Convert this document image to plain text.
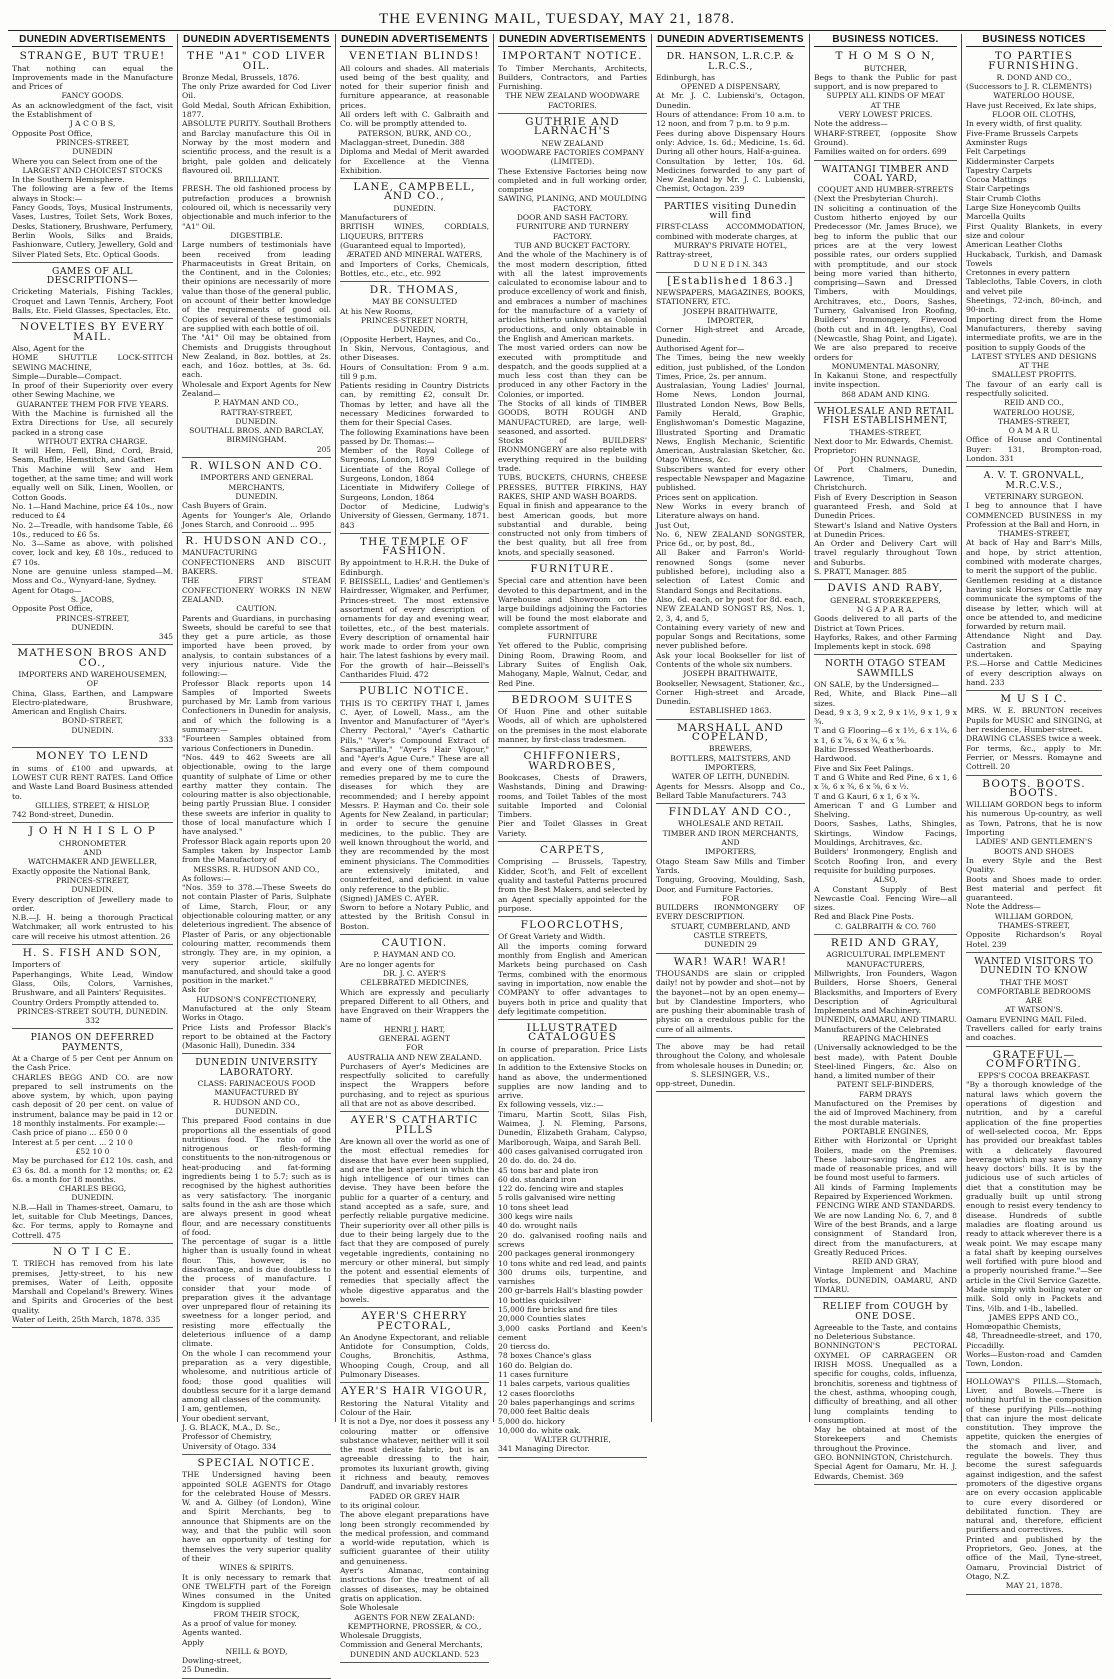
THE EVENING MAIL, TUESDAY, MAY 21, 1878.
DUNEDIN ADVERTISEMENTS
STRANGE, BUT TRUE!
That nothing can equal the Improvements made in the Manufacture and Prices of
FANCY GOODS.
As an acknowledgment of the fact, visit the Establishment of
J A C O B S,
Opposite Post Office,
PRINCES-STREET,
DUNEDIN
Where you can Select from one of the
LARGEST AND CHOICEST STOCKS
In the Southern Hemisphere.
The following are a few of the Items always in Stock:—
Fancy Goods, Toys, Musical Instruments, Vases, Lustres, Toilet Sets, Work Boxes, Desks, Stationery, Brushware, Perfumery, Berlin Wools, Silks and Braids, Fashionware, Cutlery, Jewellery, Gold and Silver Plated Sets, Etc. Optical Goods.
GAMES OF ALL DESCRIPTIONS—
Cricketing Materials, Fishing Tackles, Croquet and Lawn Tennis, Archery, Foot Balls, Etc. Field Glasses, Spectacles, Etc.
NOVELTIES BY EVERY MAIL.
Also, Agent for the
HOME SHUTTLE LOCK-STITCH SEWING MACHINE,
Simple—Durable—Compact.
In proof of their Superiority over every other Sewing Machine, we
GUARANTEE THEM FOR FIVE YEARS.
With the Machine is furnished all the Extra Directions for Use, all securely packed in a strong case
WITHOUT EXTRA CHARGE.
It will Hem, Fell, Bind, Cord, Braid, Seam, Ruffle, Hemstitch, and Gather.
This Machine will Sew and Hem together, at the same time; and will work equally well on Silk, Linen, Woollen, or Cotton Goods.
No. 1—Hand Machine, price £4 10s., now reduced to £4
No. 2—Treadle, with handsome Table, £6 10s., reduced to £6 5s.
No. 3—Same as above, with polished cover, lock and key, £8 10s., reduced to £7 10s.
None are genuine unless stamped—M. Moss and Co., Wynyard-lane, Sydney.
Agent for Otago—
S. JACOBS,
Opposite Post Office,
PRINCES-STREET,
DUNEDIN.
345
MATHESON BROS AND CO.,
IMPORTERS AND WAREHOUSEMEN,
OF
China, Glass, Earthen, and Lampware Electro-platedware, Brushware, American and English Chairs.
BOND-STREET,
DUNEDIN.
333
MONEY TO LEND
in sums of £100 and upwards, at LOWEST CUR RENT RATES. Land Office and Waste Land Board Business attended to.
GILLIES, STREET, & HISLOP,
742 Bond-street, Dunedin.
J O H N H I S L O P
CHRONOMETER
AND
WATCHMAKER AND JEWELLER,
Exactly opposite the National Bank,
PRINCES-STREET,
DUNEDIN.
Every description of Jewellery made to order.
N.B.—J. H. being a thorough Practical Watchmaker, all work entrusted to his care will receive his utmost attention. 26
H. S. FISH AND SON,
Importers of
Paperhangings, White Lead, Window Glass, Oils, Colors, Varnishes, Brushware, and all Painters' Requisites.
Country Orders Promptly attended to.
PRINCES-STREET SOUTH, DUNEDIN. 332
PIANOS ON DEFERRED PAYMENTS,
At a Charge of 5 per Cent per Annum on the Cash Price.
CHARLES BEGG AND CO. are now prepared to sell instruments on the above system, by which, upon paying cash deposit of 20 per cent. on value of instrument, balance may be paid in 12 or 18 monthly instalments. For example:—
Cash price of piano ... £50 0 0
Interest at 5 per cent. ... 2 10 0
£52 10 0
May be purchased for £12 10s. cash, and £3 6s. 8d. a month for 12 months; or, £2 6s. a month for 18 months.
CHARLES BEGG,
DUNEDIN.
N.B.—Hall in Thames-street, Oamaru, to let, suitable for Club Meetings, Dances, &c. For terms, apply to Romayne and Cottrell. 475
N O T I C E.
T. TRIECH has removed from his late premises, Jetty-street, to his new premises, Water of Leith, opposite Marshall and Copeland's Brewery. Wines and Spirits and Groceries of the best quality.
Water of Leith, 25th March, 1878. 335
DUNEDIN ADVERTISEMENTS
THE "A1" COD LIVER OIL.
Bronze Medal, Brussels, 1876.
The only Prize awarded for Cod Liver Oil.
Gold Medal, South African Exhibition, 1877.
ABSOLUTE PURITY. Southall Brothers and Barclay manufacture this Oil in Norway by the most modern and scientific process, and the result is a bright, pale golden and delicately flavoured oil.
BRILLIANT.
FRESH. The old fashioned process by putrefaction produces a brownish coloured oil, which is necessarily very objectionable and much inferior to the "A1" Oil.
DIGESTIBLE.
Large numbers of testimonials have been received from leading Pharmaceutists in Great Britain, on the Continent, and in the Colonies; their opinions are necessarily of more value than those of the general public, on account of their better knowledge of the requirements of good oil. Copies of several of these testimonials are supplied with each bottle of oil.
The "A1" Oil may be obtained from Chemists and Druggists throughout New Zealand, in 8oz. bottles, at 2s. each, and 16oz. bottles, at 3s. 6d. each.
Wholesale and Export Agents for New Zealand—
P. HAYMAN AND CO.,
RATTRAY-STREET,
DUNEDIN.
SOUTHALL BROS. AND BARCLAY, BIRMINGHAM.
205
R. WILSON AND CO.
IMPORTERS AND GENERAL MERCHANTS,
DUNEDIN.
Cash Buyers of Grain.
Agents for Younger's Ale, Orlando Jones Starch, and Conrooid ... 995
R. HUDSON AND CO.,
MANUFACTURING CONFECTIONERS AND BISCUIT BAKERS.
THE FIRST STEAM CONFECTIONERY WORKS IN NEW ZEALAND.
CAUTION.
Parents and Guardians, in purchasing Sweets, should be careful to see that they get a pure article, as those imported have been proved, by analysis, to contain substances of a very injurious nature. Vide the following:—
Professor Black reports upon 14 Samples of Imported Sweets purchased by Mr. Lamb from various Confectioners in Dunedin for analysis, and of which the following is a summary:—
"Fourteen Samples obtained from various Confectioners in Dunedin.
"Nos. 449 to 462 Sweets are all objectionable, owing to the large quantity of sulphate of Lime or other earthy matter they contain. The colouring matter is also objectionable, being partly Prussian Blue. I consider these sweets are inferior in quality to those of local manufacture which I have analysed."
Professor Black again reports upon 20 Samples taken by Inspector Lamb from the Manufactory of
MESSRS. R. HUDSON AND CO.,
As follows:—
"Nos. 359 to 378.—These Sweets do not contain Plaster of Paris, Sulphate of Lime, Starch, Flour, or any objectionable colouring matter, or any deleterious ingredient. The absence of Plaster of Paris, or any objectionable colouring matter, recommends them strongly. They are, in my opinion, a very superior article, skilfully manufactured, and should take a good position in the market."
Ask for
HUDSON'S CONFECTIONERY,
Manufactured at the only Steam Works in Otago.
Price Lists and Professor Black's report to be obtained at the Factory (Masonic Hall), Dunedin. 334
DUNEDIN UNIVERSITY LABORATORY.
CLASS: FARINACEOUS FOOD
MANUFACTURED BY
R. HUDSON AND CO.,
DUNEDIN.
This prepared Food contains in due proportions all the essentials of good nutritious food. The ratio of the nitrogenous or flesh-forming constituents to the non-nitrogenous or heat-producing and fat-forming ingredients being 1 to 5.7; such as is recognised by the highest authorities as very satisfactory. The inorganic salts found in the ash are those which are always present in good wheat flour, and are necessary constituents of food.
The percentage of sugar is a little higher than is usually found in wheat flour. This, however, is no disadvantage, and is due doubtless to the process of manufacture. I consider that your mode of preparation gives it the advantage over unprepared flour of retaining its sweetness for a longer period, and resisting more effectually the deleterious influence of a damp climate.
On the whole I can recommend your preparation as a very digestible, wholesome, and nutritious article of food; those good qualities will doubtless secure for it a large demand among all classes of the community.
I am, gentlemen,
Your obedient servant,
J. G. BLACK, M.A., D. Sc.,
Professor of Chemistry,
University of Otago. 334
SPECIAL NOTICE.
THE Undersigned having been appointed SOLE AGENTS for Otago for the celebrated House of Messrs. W. and A. Gilbey (of London), Wine and Spirit Merchants, beg to announce that Shipments are on the way, and that the public will soon have an opportunity of testing for themselves the very superior quality of their
WINES & SPIRITS.
It is only necessary to remark that ONE TWELFTH part of the Foreign Wines consumed in the United Kingdom is supplied
FROM THEIR STOCK,
As a proof of value for money.
Agents wanted.
Apply
NEILL & BOYD,
Dowling-street,
25 Dunedin.
DUNEDIN ADVERTISEMENTS
VENETIAN BLINDS!
All colours and shades. All materials used being of the best quality, and noted for their superior finish and furniture appearance, at reasonable prices.
All orders left with C. Galbraith and Co. will be promptly attended to.
PATERSON, BURK, AND CO.,
Maclaggan-street, Dunedin. 388
Diploma and Medal of Merit awarded for Excellence at the Vienna Exhibition.
LANE, CAMPBELL, AND CO.,
DUNEDIN.
Manufacturers of
BRITISH WINES, CORDIALS, LIQUEURS, BITTERS
(Guaranteed equal to Imported),
ÆRATED AND MINERAL WATERS,
and Importers of Corks, Chemicals, Bottles, etc., etc., etc. 992
DR. THOMAS,
MAY BE CONSULTED
At his New Rooms,
PRINCES-STREET NORTH, DUNEDIN,
(Opposite Herbert, Haynes, and Co.,
In Skin, Nervous, Contagious, and other Diseases.
Hours of Consultation: From 9 a.m. till 9 p.m.
Patients residing in Country Districts can, by remitting £2, consult Dr. Thomas by letter, and have all the necessary Medicines forwarded to them for their Special Cases.
The following Examinations have been passed by Dr. Thomas:—
Member of the Royal College of Surgeons, London, 1859
Licentiate of the Royal College of Surgeons, London, 1864
Licentiate in Midwifery College of Surgeons, London, 1864
Doctor of Medicine, Ludwig's University of Giessen, Germany, 1871. 843
THE TEMPLE OF FASHION.
By appointment to H.R.H. the Duke of Edinburgh.
F. BEISSELL, Ladies' and Gentlemen's Hairdresser, Wigmaker, and Perfumer, Princes-street. The most extensive assortment of every description of ornaments for day and evening wear, toilettes, etc., of the best materials. Every description of ornamental hair work made to order from your own hair. The latest fashions by every mail. For the growth of hair—Beissell's Cantharides Fluid. 472
PUBLIC NOTICE.
THIS IS TO CERTIFY THAT I, James C. Ayer, of Lowell, Mass., am the Inventor and Manufacturer of "Ayer's Cherry Pectoral," "Ayer's Cathartic Pills," "Ayer's Compound Extract of Sarsaparilla," "Ayer's Hair Vigour," and "Ayer's Ague Cure." These are all and every one of them compound remedies prepared by me to cure the diseases for which they are recommended; and I hereby appoint Messrs. P. Hayman and Co. their sole Agents for New Zealand, in particular; in order to secure the genuine medicines, to the public. They are well known throughout the world, and they are recommended by the most eminent physicians. The Commodities are extensively imitated, and counterfeited, and deficient in value only reference to the public.
(Signed) JAMES C. AYER.
Sworn to before a Notary Public, and attested by the British Consul in Boston.
CAUTION.
P. HAYMAN AND CO.
Are no longer agents for
DR. J. C. AYER'S
CELEBRATED MEDICINES,
Which are expressly and peculiarly prepared Different to all Others, and have Engraved on their Wrappers the name of
HENRI J. HART,
GENERAL AGENT
FOR
AUSTRALIA AND NEW ZEALAND.
Purchasers of Ayer's Medicines are respectfully solicited to carefully inspect the Wrappers before purchasing, and to reject as spurious all that are not as above described.
AYER'S CATHARTIC PILLS
Are known all over the world as one of the most effectual remedies for disease that have ever been supplied, and are the best aperient in which the high intelligence of our times can devise. They have been before the public for a quarter of a century, and stand accepted as a safe, sure, and perfectly reliable purgative medicine. Their superiority over all other pills is due to their being largely due to the fact that they are composed of purely vegetable ingredients, containing no mercury or other mineral, but simply the potent and essential elements of remedies that specially affect the whole digestive apparatus and the bowels.
AYER'S CHERRY PECTORAL,
An Anodyne Expectorant, and reliable Antidote for Consumption, Colds, Coughs, Bronchitis, Asthma, Whooping Cough, Croup, and all Pulmonary Diseases.
AYER'S HAIR VIGOUR,
Restoring the Natural Vitality and Colour of the Hair.
It is not a Dye, nor does it possess any colouring matter or offensive substance whatever, neither will it soil the most delicate fabric, but is an agreeable dressing to the hair, promotes its luxuriant growth, giving it richness and beauty, removes Dandruff, and invariably restores
FADED OR GREY HAIR
to its original colour.
The above elegant preparations have long been strongly recommended by the medical profession, and command a world-wide reputation, which is sufficient guarantee of their utility and genuineness.
Ayer's Almanac, containing instructions for the treatment of all classes of diseases, may be obtained gratis on application.
Sole Wholesale
AGENTS FOR NEW ZEALAND:
KEMPTHORNE, PROSSER, & CO.,
Wholesale Druggists,
Commission and General Merchants,
DUNEDIN AND AUCKLAND. 523
DUNEDIN ADVERTISEMENTS
IMPORTANT NOTICE.
To Timber Merchants, Architects, Builders, Contractors, and Parties Furnishing.
THE NEW ZEALAND WOODWARE FACTORIES.
GUTHRIE AND LARNACH'S
NEW ZEALAND
WOODWARE FACTORIES COMPANY
(LIMITED).
These Extensive Factories being now completed and in full working order, comprise
SAWING, PLANING, AND MOULDING FACTORY.
DOOR AND SASH FACTORY.
FURNITURE AND TURNERY FACTORY.
TUB AND BUCKET FACTORY.
And the whole of the Machinery is of the most modern description, fitted with all the latest improvements calculated to economise labour and to produce excellency of work and finish, and embraces a number of machines for the manufacture of a variety of articles hitherto unknown as Colonial productions, and only obtainable in the English and American markets.
The most varied orders can now be executed with promptitude and despatch, and the goods supplied at a much less cost than they can be produced in any other Factory in the Colonies, or imported.
The Stocks of all kinds of TIMBER GOODS, BOTH ROUGH AND MANUFACTURED, are large, well-seasoned, and assorted.
Stocks of BUILDERS' IRONMONGERY are also replete with everything required in the building trade.
TUBS, BUCKETS, CHURNS, CHEESE PRESSES, BUTTER FIRKINS, HAY RAKES, SHIP AND WASH BOARDS.
Equal in finish and appearance to the best American goods, but more substantial and durable, being constructed not only from timbers of the best quality, but all free from knots, and specially seasoned.
FURNITURE.
Special care and attention have been devoted to this department, and in the Warehouse and Showroom on the large buildings adjoining the Factories will be found the most elaborate and complete assortment of
FURNITURE
Yet offered to the Public, comprising Dining Room, Drawing Room, and Library Suites of English Oak, Mahogany, Maple, Walnut, Cedar, and Red Pine.
BEDROOM SUITES
Of Huon Pine and other suitable Woods, all of which are upholstered on the premises in the most elaborate manner, by first-class tradesmen.
CHIFFONIERS, WARDROBES,
Bookcases, Chests of Drawers, Washstands, Dining and Drawing-rooms, and Toilet Tables of the most suitable Imported and Colonial Timbers.
Pier and Toilet Glasses in Great Variety.
CARPETS,
Comprising — Brussels, Tapestry, Kidder, Scot'h, and Felt of excellent quality and tasteful Patterns procured from the Best Makers, and selected by an Agent specially appointed for the purpose.
FLOORCLOTHS,
Of Great Variety and Width.
All the imports coming forward monthly from English and American Markets being purchased on Cash Terms, combined with the enormous saving in importation, now enable the COMPANY to offer advantages to buyers both in price and quality that defy legitimate competition.
ILLUSTRATED CATALOGUES
In course of preparation. Price Lists on application.
In addition to the Extensive Stocks on hand as above, the undermentioned supplies are now landing and to arrive.
Ex following vessels, viz.:—
Timaru, Martin Scott, Silas Fish, Waimea, J. N. Fleming, Parsons, Dunedin, Elizabeth Graham, Calypso, Marlborough, Waipa, and Sarah Bell.
400 cases galvanised corrugated iron
20 do. do. do. 24 do.
45 tons bar and plate iron
60 do. standard iron
122 do. fencing wire and staples
5 rolls galvanised wire netting
10 tons sheet lead
300 kegs wire nails
40 do. wrought nails
20 do. galvanised roofing nails and screws
200 packages general ironmongery
10 tons white and red lead, and paints
300 drums oils, turpentine, and varnishes
200 gr-barrels Hall's blasting powder
10 bottles quicksilver
15,000 fire bricks and fire tiles
20,000 Counties slates
3,000 casks Portland and Keen's cement
20 tiercss do.
78 boxes Chance's glass
160 do. Belgian do.
11 cases furniture
11 bales carpets, various qualities
12 cases floorcloths
20 bales paperhangings and scrims
70,000 feet Baltic deals
5,000 do. hickory
10,000 do. white oak.
WALTER GUTHRIE,
341 Managing Director.
DUNEDIN ADVERTISEMENTS
DR. HANSON, L.R.C.P. & L.R.C.S.,
Edinburgh, has
OPENED A DISPENSARY,
At Mr. J. C. Lubienski's, Octagon, Dunedin.
Hours of attendance: From 10 a.m. to 12 noon, and from 7 p.m. to 9 p.m.
Fees during above Dispensary Hours only: Advice, 1s. 6d.; Medicine, 1s. 6d. During all other hours, Half-a-guinea.
Consultation by letter, 10s. 6d. Medicines forwarded to any part of New Zealand by Mr. J. C. Lubienski, Chemist, Octagon. 239
PARTIES visiting Dunedin will find
FIRST-CLASS ACCOMMODATION, combined with moderate charges, at
MURRAY'S PRIVATE HOTEL,
Rattray-street,
D U N E D I N. 343
[Established 1863.]
NEWSPAPERS, MAGAZINES, BOOKS, STATIONERY, ETC.
JOSEPH BRAITHWAITE,
IMPORTER,
Corner High-street and Arcade, Dunedin.
Authorised Agent for—
The Times, being the new weekly edition, just published, of the London Times, Price, 2s. per annum.
Australasian, Young Ladies' Journal, Home News, London Journal, Illustrated London News, Bow Bells, Family Herald, Graphic, Englishwoman's Domestic Magazine, Illustrated Sporting and Dramatic News, English Mechanic, Scientific American, Australasian Sketcher, &c. Otago Witness, &c.
Subscribers wanted for every other respectable Newspaper and Magazine published.
Prices sent on application.
New Works in every branch of Literature always on hand.
Just Out,
No. 6, NEW ZEALAND SONGSTER, Price 6d., or, by post, 8d.,
All Baker and Farron's World-renowned Songs (some never published before), including also a selection of Latest Comic and Standard Songs and Recitations.
Also, 6d. each, or by post for 8d. each, NEW ZEALAND SONGST RS, Nos. 1, 2, 3, 4, and 5,
Containing every variety of new and popular Songs and Recitations, some never published before.
Ask your local Bookseller for list of Contents of the whole six numbers.
JOSEPH BRAITHWAITE,
Bookseller, Newsagent, Stationer, &c.,
Corner High-street and Arcade, Dunedin.
ESTABLISHED 1863.
MARSHALL AND COPELAND,
BREWERS,
BOTTLERS, MALTSTERS, AND IMPORTERS,
WATER OF LEITH, DUNEDIN.
Agents for Messrs. Alsopp and Co., Bellard Table Manufacturers. 743
FINDLAY AND CO.,
WHOLESALE AND RETAIL
TIMBER AND IRON MERCHANTS,
AND
IMPORTERS,
Otago Steam Saw Mills and Timber Yards.
Tonguing, Grooving, Moulding, Sash, Door, and Furniture Factories.
FOR
BUILDERS IRONMONGERY OF EVERY DESCRIPTION.
STUART, CUMBERLAND, AND CASTLE STREETS,
DUNEDIN 29
WAR! WAR! WAR!
THOUSANDS are slain or crippled daily! not by powder and shot—not by the bayonet—not by an open enemy—but by Clandestine Importers, who are pushing their abominable trash of physic on a credulous public for the cure of all ailments.
The above may be had retail throughout the Colony, and wholesale from wholesale houses in Dunedin; or,
S. SLESINGER, V.S.,
opp-street, Dunedin.
BUSINESS NOTICES.
T H O M S O N,
BUTCHER,
Begs to thank the Public for past support, and is now prepared to
SUPPLY ALL KINDS OF MEAT
AT THE
VERY LOWEST PRICES.
Note the address—
WHARF-STREET, (opposite Show Ground).
Families waited on for orders. 699
WAITANGI TIMBER AND COAL YARD,
COQUET AND HUMBER-STREETS
(Next the Presbyterian Church).
IN soliciting a continuation of the Custom hitherto enjoyed by our Predecessor (Mr. James Bruce), we beg to inform the public that our prices are at the very lowest possible rates, our orders supplied with promptitude, and our stock being more varied than hitherto, comprising—Sawn and Dressed Timbers, with Mouldings, Architraves, etc., Doors, Sashes, Turnery, Galvanised Iron Roofing, Builders' Ironmongery, Firewood (both cut and in 4ft. lengths), Coal (Newcastle, Shag Point, and Ligate). We are also prepared to receive orders for
MONUMENTAL MASONRY,
In Kakanui Stone, and respectfully invite inspection.
868 ADAM AND KING.
WHOLESALE AND RETAIL FISH ESTABLISHMENT,
THAMES-STREET,
Next door to Mr. Edwards, Chemist.
Proprietor:
JOHN RUNNAGE,
Of Port Chalmers, Dunedin, Lawrence, Timaru, and Christchurch.
Fish of Every Description in Season guaranteed Fresh, and Sold at Dunedin Prices.
Stewart's Island and Native Oysters at Dunedin Prices.
An Order and Delivery Cart will travel regularly throughout Town and Suburbs.
S. PRATT, Manager. 885
DAVIS AND RABY,
GENERAL STOREKEEPERS,
N G A P A R A.
Goods delivered to all parts of the District at Town Prices.
Hayforks, Rakes, and other Farming Implements kept in stock. 698
NORTH OTAGO STEAM SAWMILLS
ON SALE, by the Undersigned—
Red, White, and Black Pine—all sizes.
Dead, 9 x 3, 9 x 2, 9 x 1½, 9 x 1, 9 x ¾.
T and G Flooring—6 x 1½, 6 x 1¼, 6 x 1, 6 x ⅞, 6 x ¾, 6 x ⅝.
Baltic Dressed Weatherboards.
Hardwood.
Five and Six Feet Palings.
T and G White and Red Pine, 6 x 1, 6 x ⅞, 6 x ¾, 6 x ⅝, 6 x ½.
T and G Kauri, 6 x 1, 6 x ¾.
American T and G Lumber and Shelving.
Doors, Sashes, Laths, Shingles, Skirtings, Window Facings, Mouldings, Architraves, &c.
Builders' Ironmongery, English and Scotch Roofing Iron, and every requisite for building purposes.
ALSO,
A Constant Supply of Best Newcastle Coal. Fencing Wire—all sizes.
Red and Black Pine Posts.
C. GALBRAITH & CO. 760
REID AND GRAY,
AGRICULTURAL IMPLEMENT MANUFACTURERS,
Millwrights, Iron Founders, Wagon Builders, Horse Shoers, General Blacksmiths, and Importers of Every Description of Agricultural Implements and Machinery.
DUNEDIN, OAMARU, AND TIMARU.
Manufacturers of the Celebrated
REAPING MACHINES
(Universally acknowledged to be the best made), with Patent Double Steel-lined Fingers, &c. Also on hand, a limited number of their
PATENT SELF-BINDERS,
FARM DRAYS
Manufactured on the Premises by the aid of Improved Machinery, from the most durable materials.
PORTABLE ENGINES,
Either with Horizontal or Upright Boilers, made on the Premises. These labour-saving Engines are made of reasonable prices, and will be found most useful to farmers.
All kinds of Farming Implements Repaired by Experienced Workmen.
FENCING WIRE AND STANDARDS.
We are now Landing No. 6, 7, and 8 Wire of the best Brands, and a large consignment of Standard Iron, direct from the manufacturers, at Greatly Reduced Prices.
REID AND GRAY,
Vintage Implement and Machine Works, DUNEDIN, OAMARU, AND TIMARU.
RELIEF from COUGH by ONE DOSE.
Agreeable to the Taste, and contains no Deleterious Substance.
BONNINGTON'S PECTORAL OXYMEL OF CARRAGEEN OR IRISH MOSS. Unequalled as a specific for coughs, colds, influenza, bronchitis, soreness and tightness of the chest, asthma, whooping cough, difficulty of breathing, and all other lung complaints tending to consumption.
May be obtained at most of the Storekeepers and Chemists throughout the Province.
GEO. BONNINGTON, Christchurch.
Special Agent for Oamaru, Mr. H. J. Edwards, Chemist. 369
BUSINESS NOTICES
TO PARTIES FURNISHING.
R. DOND AND CO.,
(Successors to J. R. CLEMENTS)
WATERLOO HOUSE,
Have just Received, Ex late ships,
FLOOR OIL CLOTHS,
In every width, of first quality.
Five-Frame Brussels Carpets
Axminster Rugs
Felt Carpetings
Kidderminster Carpets
Tapestry Carpets
Cocoa Mattings
Stair Carpetings
Stair Crumb Cloths
Large Size Honeycomb Quilts
Marcella Quilts
First Quality Blankets, in every size and colour
American Leather Cloths
Huckaback, Turkish, and Damask Towels
Cretonnes in every pattern
Tablecloths, Table Covers, in cloth and velvet pile
Sheetings, 72-inch, 80-inch, and 90-inch.
Importing direct from the Home Manufacturers, thereby saving intermediate profits, we are in the position to supply Goods of the
LATEST STYLES AND DESIGNS AT THE
SMALLEST PROFITS.
The favour of an early call is respectfully solicited.
REID AND CO.,
WATERLOO HOUSE,
THAMES-STREET,
O A M A R U.
Office of House and Continental Buyer: 131, Brompton-road, London. 331
A. V. T. GRONVALL, M.R.C.V.S.,
VETERINARY SURGEON.
I beg to announce that I have COMMENCED BUSINESS in my Profession at the Ball and Horn, in
THAMES-STREET,
At back of Hay and Barr's Mills, and hope, by strict attention, combined with moderate charges, to merit the support of the public.
Gentlemen residing at a distance having sick Horses or Cattle may communicate the symptoms of the disease by letter, which will at once be attended to, and medicine forwarded by return mail.
Attendance Night and Day. Castration and Spaying undertaken.
P.S.—Horse and Cattle Medicines of every description always on hand. 233
M U S I C.
MRS. W. E. BRUNTON receives Pupils for MUSIC and SINGING, at her residence, Humber-street.
DRAWING CLASSES twice a week.
For terms, &c., apply to Mr. Ferrier, or Messrs. Romayne and Cottrell. 20
BOOTS. BOOTS. BOOTS.
WILLIAM GORDON begs to inform his numerous Up-country, as well as Town, Patrons, that he is now Importing
LADIES' AND GENTLEMEN'S BOOTS AND SHOES
In every Style and the Best Quality.
Boots and Shoes made to order. Best material and perfect fit guaranteed.
Note the Address—
WILLIAM GORDON,
THAMES-STREET,
Opposite Richardson's Royal Hotel. 239
WANTED VISITORS TO DUNEDIN TO KNOW
THAT THE MOST
COMFORTABLE BEDROOMS
ARE
AT WATSON'S.
Oamaru EVENING MAIL Filed.
Travellers called for early trains and coaches.
GRATEFUL—COMFORTING.
EPPS'S COCOA BREAKFAST.
"By a thorough knowledge of the natural laws which govern the operations of digestion and nutrition, and by a careful application of the fine properties of well-selected cocoa, Mr. Epps has provided our breakfast tables with a delicately flavoured beverage which may save us many heavy doctors' bills. It is by the judicious use of such articles of diet that a constitution may be gradually built up until strong enough to resist every tendency to disease. Hundreds of subtle maladies are floating around us ready to attack wherever there is a weak point. We may escape many a fatal shaft by keeping ourselves well fortified with pure blood and a properly nourished frame."—See article in the Civil Service Gazette.
Made simply with boiling water or milk. Sold only in Packets and Tins, ½lb. and 1-lb., labelled.
JAMES EPPS AND CO.,
Homœopathic Chemists,
48, Threadneedle-street, and 170, Piccadilly.
Works—Euston-road and Camden Town, London.
HOLLOWAY'S PILLS.—Stomach, Liver, and Bowels.—There is nothing hurtful in the composition of these purifying Pills—nothing that can injure the most delicate constitution. They improve the appetite, quicken the energies of the stomach and liver, and regulate the bowels. They thus become the surest safeguards against indigestion, and the safest promoters of the digestive organs are on every occasion applicable to cure every disordered or debilitated function. They are natural and, therefore, efficient purifiers and correctives.
Printed and published by the Proprietors, Geo. Jones, at the office of the Mail, Tyne-street, Oamaru, Provincial District of Otago, N.Z.
MAY 21, 1878.
